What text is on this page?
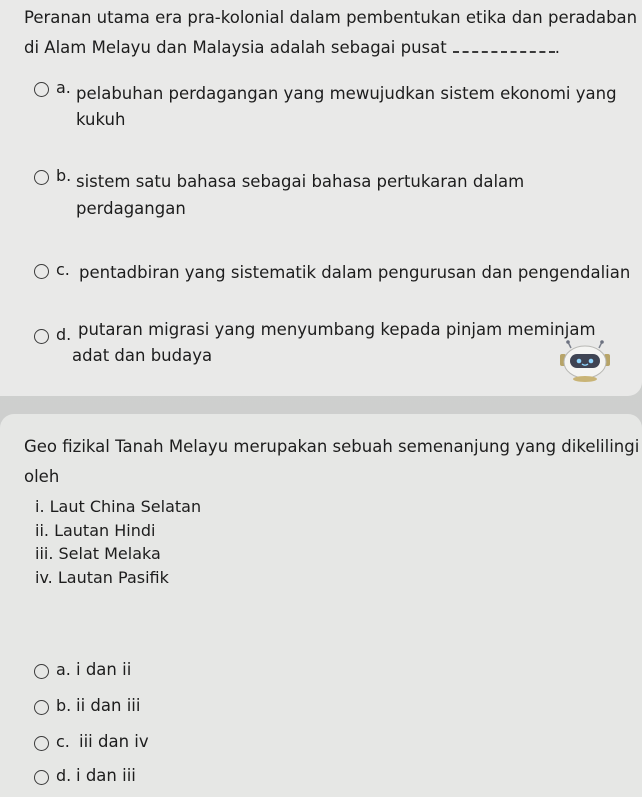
Peranan utama era pra-kolonial dalam pembentukan etika dan peradaban
di Alam Melayu dan Malaysia adalah sebagai pusat	.
a. pelabuhan perdagangan yang mewujudkan sistem ekonomi yang
kukuh
b. sistem satu bahasa sebagai bahasa pertukaran dalam
perdagangan
c. pentadbiran yang sistematik dalam pengurusan dan pengendalian
d. putaran migrasi yang menyumbang kepada pinjam meminjam
adat dan budaya
Geo fizikal Tanah Melayu merupakan sebuah semenanjung yang dikelilingi
oleh
i. Laut China Selatan
ii. Lautan Hindi
iii. Selat Melaka
iv. Lautan Pasifik
a. i dan ii
b. ii dan iii
c. iii dan iv
d. i dan iii
